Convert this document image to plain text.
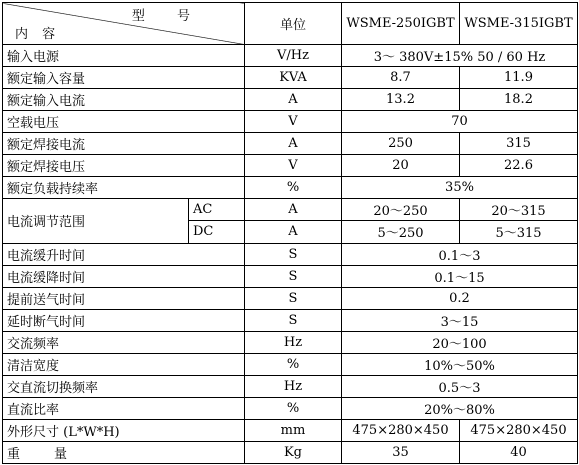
型 号
内 容		单位	WSME-250IGBT	WSME-315IGBT
输入电源		V/Hz	3～ 380V±15% 50 / 60 Hz	
额定输入容量		KVA	8.7	11.9
额定输入电流		A	13.2	18.2
空载电压		V	70	
额定焊接电流		A	250	315
额定焊接电压		V	20	22.6
额定负载持续率		%	35%	
电流调节范围	AC	A	20～250	20～315
	DC	A	5～250	5～315
电流缓升时间		S	0.1～3	
电流缓降时间		S	0.1～15	
提前送气时间		S	0.2	
延时断气时间		S	3～15	
交流频率		Hz	20～100	
清洁宽度		%	10%～50%	
交直流切换频率		Hz	0.5～3	
直流比率		%	20%～80%	
外形尺寸 (L*W*H)		mm	475×280×450	475×280×450
重量		Kg	35	40
